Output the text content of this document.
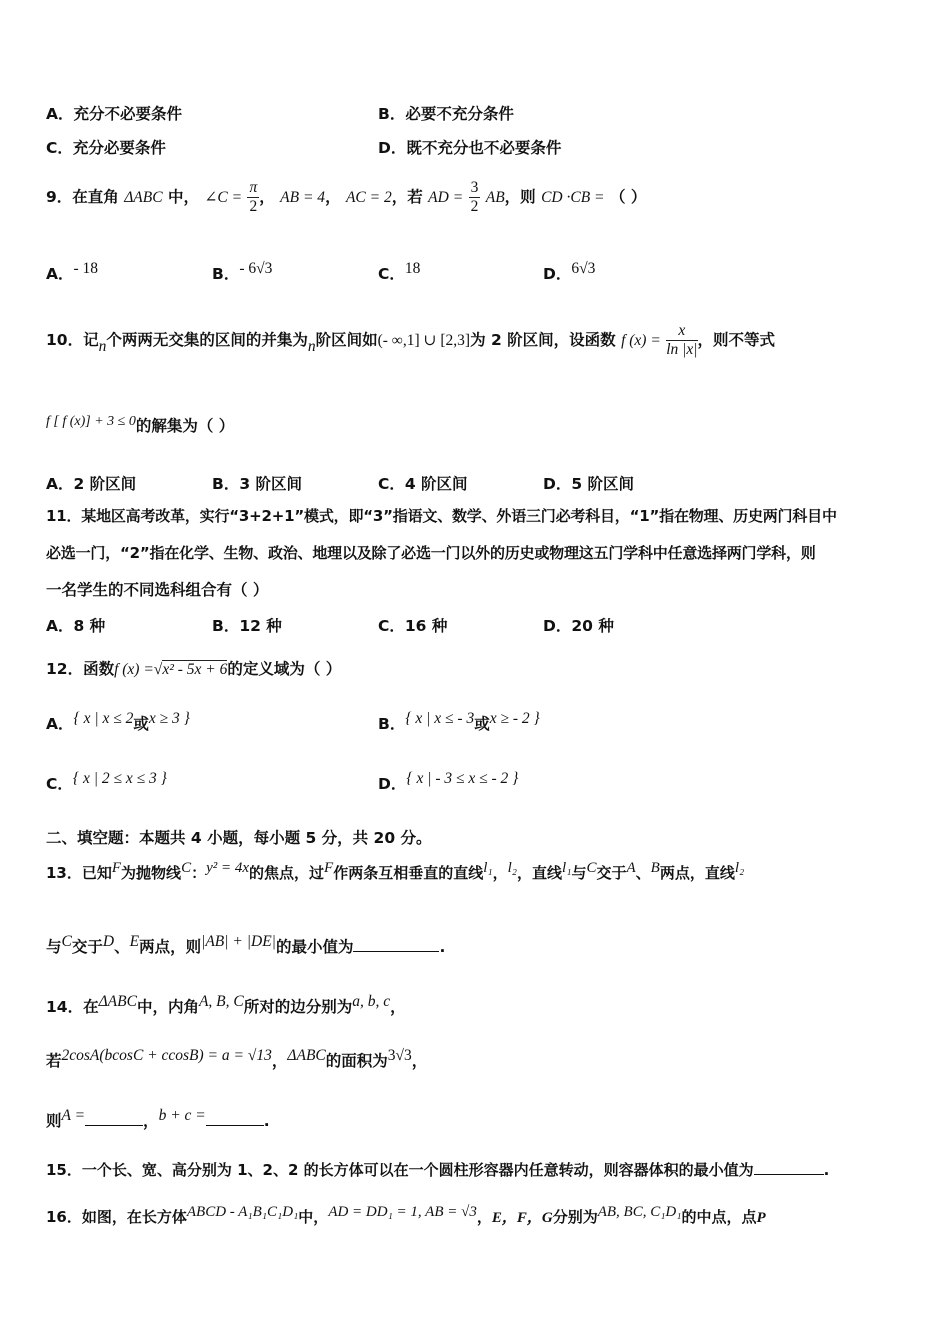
A．充分不必要条件	B．必要不充分条件
C．充分必要条件	D．既不充分也不必要条件
9．在直角 ΔABC 中， ∠C = $\frac{\pi}{2}$ ， AB = 4， AC = 2，若 AD = $\frac{3}{2}$ AB，则 CD ·CB = （ ）
A．- 18	B．- 6√3	C．18	D．6√3
10．记n个两两无交集的区间的并集为n阶区间如(- ∞,1] ∪ [2,3]为 2 阶区间，设函数 f $(x) = \frac{x}{\ln |x|}$ ，则不等式
f [ f (x)] + 3 ≤ 0的解集为（ ）
A．2 阶区间	B．3 阶区间	C．4 阶区间	D．5 阶区间
11．某地区高考改革，实行“3+2+1”模式，即“3”指语文、数学、外语三门必考科目，“1”指在物理、历史两门科目中
必选一门，“2”指在化学、生物、政治、地理以及除了必选一门以外的历史或物理这五门学科中任意选择两门学科，则
一名学生的不同选科组合有（ ）
A．8 种	B．12 种	C．16 种	D．20 种
12．函数f (x) =√x² - 5x + 6的定义域为（ ）
A．{ x | x ≤ 2或x ≥ 3 }	B．{ x | x ≤ - 3或x ≥ - 2 }
C．{ x | 2 ≤ x ≤ 3 }	D．{ x | - 3 ≤ x ≤ - 2 }
二、填空题：本题共 4 小题，每小题 5 分，共 20 分。
13．已知F为抛物线C：y² = 4x的焦点，过F作两条互相垂直的直线l₁，l₂，直线l₁与C交于A、B两点，直线l₂
与C交于D、E两点，则|AB| + |DE|的最小值为	.
14．在ΔABC中，内角A, B, C所对的边分别为a, b, c，
若2cosA(bcosC + ccosB) = a = √13，ΔABC的面积为3√3，
则A =	，b + c =	.
15．一个长、宽、高分别为 1、2、2 的长方体可以在一个圆柱形容器内任意转动，则容器体积的最小值为	.
16．如图，在长方体ABCD - A₁B₁C₁D₁中，AD = DD₁ = 1, AB = √3，E，F，G分别为AB, BC, C₁D₁的中点，点P
